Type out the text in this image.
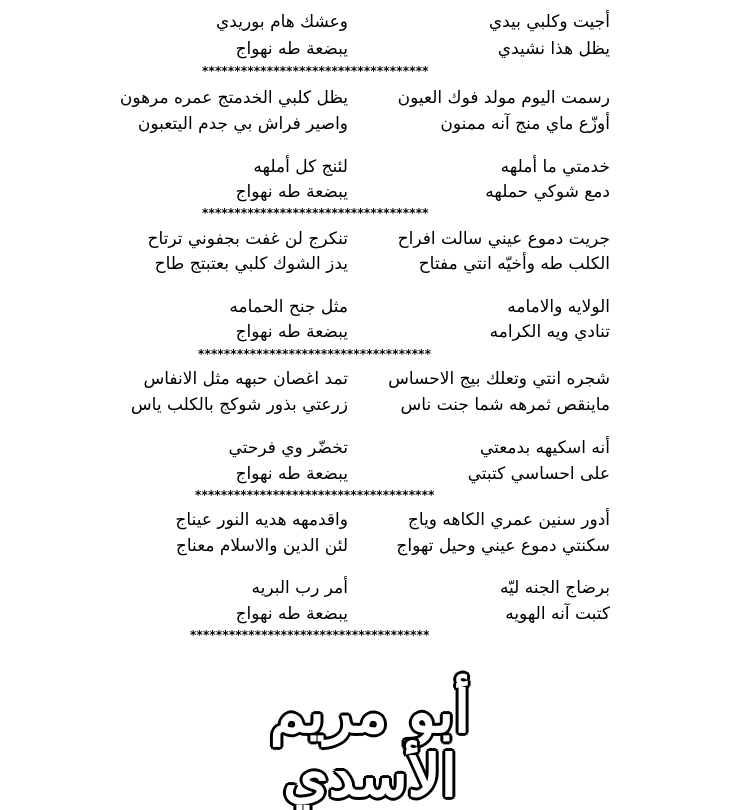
أجيت وكلبي بيدي
وعشك هام بوريدي
يظل هذا نشيدي
يبضعة طه نهواج
***********************************
رسمت اليوم مولد فوك العيون
يظل كلبي الخدمتج عمره مرهون
أوزّع ماي منج آنه ممنون
واصير فراش بي جدم اليتعبون
خدمتي ما أملهه
لئنج كل أملهه
دمع شوكي حملهه
يبضعة طه نهواج
***********************************
جريت دموع عيني سالت افراح
تنكرج لن غفت بجفوني ترتاح
الكلب طه وأخيّه انتي مفتاح
يدز الشوك كلبي بعتبتج طاح
الولايه والامامه
مثل جنح الحمامه
تنادي ويه الكرامه
يبضعة طه نهواج
************************************
شجره انتي وتعلك بيج الاحساس
تمد اغصان حبهه مثل الانفاس
ماينقص ثمرهه شما جنت ناس
زرعتي بذور شوكج بالكلب ياس
أنه اسكيهه بدمعتي
تخضّر وي فرحتي
على احساسي كتبتي
يبضعة طه نهواج
*************************************
أدور سنين عمري الكاهه وياج
واقدمهه هديه النور عيناج
سكنتي دموع عيني وحيل تهواج
لئن الدين والاسلام معناج
برضاج الجنه ليّه
أمر رب البريه
كتبت آنه الهويه
يبضعة طه نهواج
*************************************
أبو مريم الأسدي
